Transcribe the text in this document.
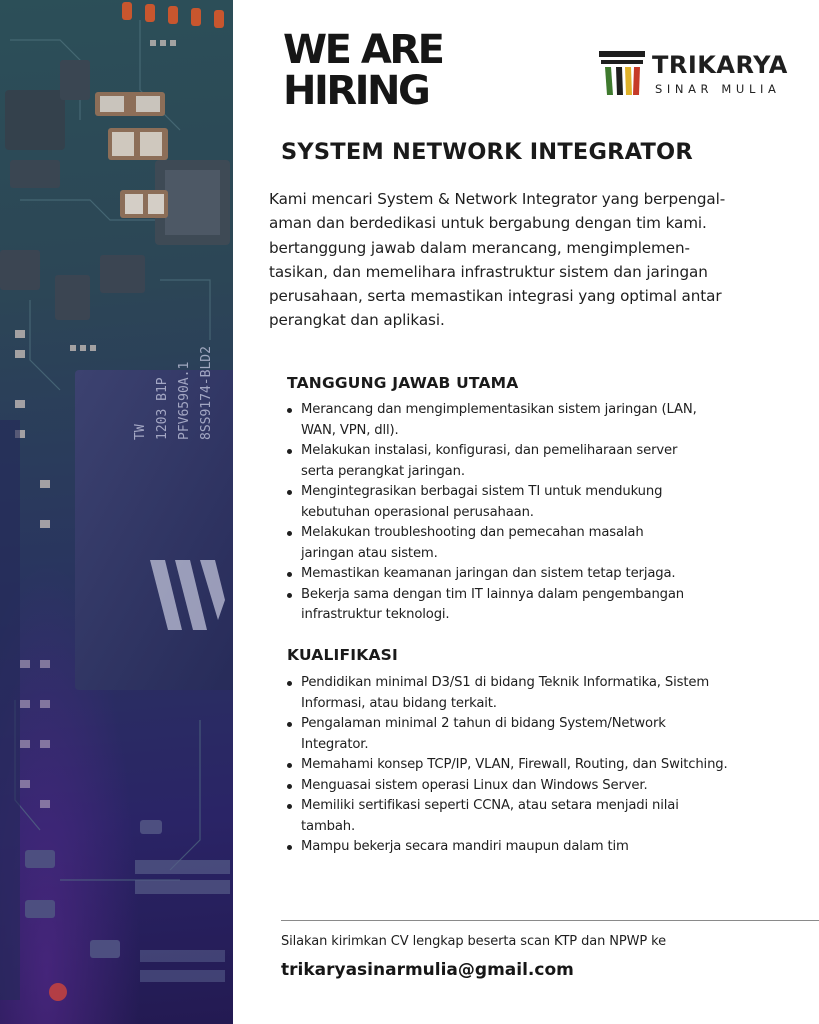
8SS9174-BLD2
PFV6590A.1
1203 B1P
TW
WE ARE
HIRING
TRIKARYA
SINAR MULIA
SYSTEM NETWORK INTEGRATOR
Kami mencari System & Network Integrator yang berpengal-
aman dan berdedikasi untuk bergabung dengan tim kami.
bertanggung jawab dalam merancang, mengimplemen-
tasikan, dan memelihara infrastruktur sistem dan jaringan
perusahaan, serta memastikan integrasi yang optimal antar
perangkat dan aplikasi.
TANGGUNG JAWAB UTAMA
Merancang dan mengimplementasikan sistem jaringan (LAN,
WAN, VPN, dll).
Melakukan instalasi, konfigurasi, dan pemeliharaan server
serta perangkat jaringan.
Mengintegrasikan berbagai sistem TI untuk mendukung
kebutuhan operasional perusahaan.
Melakukan troubleshooting dan pemecahan masalah
jaringan atau sistem.
Memastikan keamanan jaringan dan sistem tetap terjaga.
Bekerja sama dengan tim IT lainnya dalam pengembangan
infrastruktur teknologi.
KUALIFIKASI
Pendidikan minimal D3/S1 di bidang Teknik Informatika, Sistem
Informasi, atau bidang terkait.
Pengalaman minimal 2 tahun di bidang System/Network
Integrator.
Memahami konsep TCP/IP, VLAN, Firewall, Routing, dan Switching.
Menguasai sistem operasi Linux dan Windows Server.
Memiliki sertifikasi seperti CCNA, atau setara menjadi nilai
tambah.
Mampu bekerja secara mandiri maupun dalam tim
Silakan kirimkan CV lengkap beserta scan KTP dan NPWP ke
trikaryasinarmulia@gmail.com
